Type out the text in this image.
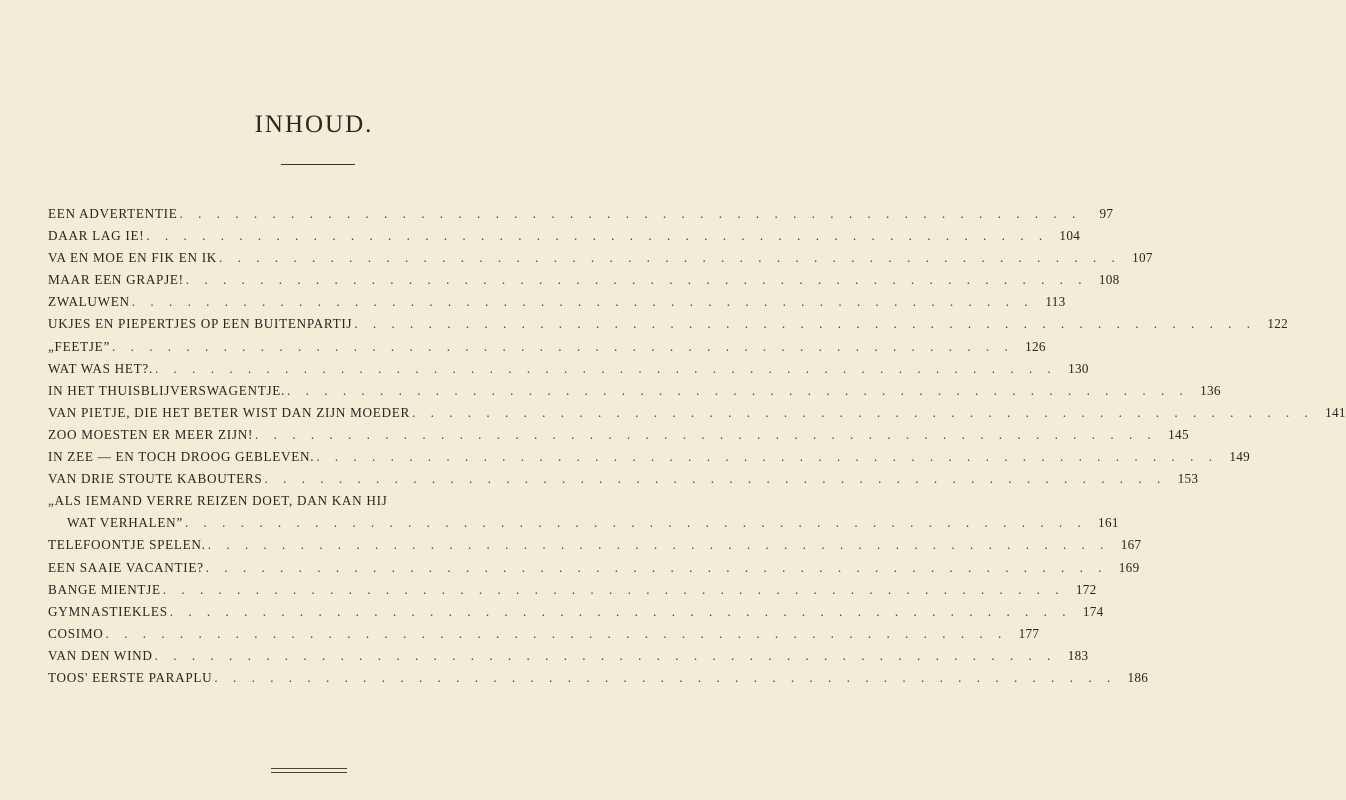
INHOUD.
EEN ADVERTENTIE . . . . . . . . . . . . . . . . . . . . . . . . . . . . . . . . . . . . . . . . . . . . . . . . .	97
DAAR LAG IE! . . . . . . . . . . . . . . . . . . . . . . . . . . . . . . . . . . . . . . . . . . . . . . . . . 104
VA EN MOE EN FIK EN IK . . . . . . . . . . . . . . . . . . . . . . . . . . . . . . . . . . . . . . . . . . . . . . . . . 107
MAAR EEN GRAPJE! . . . . . . . . . . . . . . . . . . . . . . . . . . . . . . . . . . . . . . . . . . . . . . . . . 108
ZWALUWEN . . . . . . . . . . . . . . . . . . . . . . . . . . . . . . . . . . . . . . . . . . . . . . . . . 113
UKJES EN PIEPERTJES OP EEN BUITENPARTIJ . . . . . . . . . . . . . . . . . . . . . . . . . . . . . . . . . . . . . . . . . . . . . . . . . 122
„FEETJE” . . . . . . . . . . . . . . . . . . . . . . . . . . . . . . . . . . . . . . . . . . . . . . . . . 126
WAT WAS HET?. . . . . . . . . . . . . . . . . . . . . . . . . . . . . . . . . . . . . . . . . . . . . . . . . . 130
IN HET THUISBLIJVERSWAGENTJE. . . . . . . . . . . . . . . . . . . . . . . . . . . . . . . . . . . . . . . . . . . . . . . . . . 136
VAN PIETJE, DIE HET BETER WIST DAN ZIJN MOEDER . . . . . . . . . . . . . . . . . . . . . . . . . . . . . . . . . . . . . . . . . . . . . . . . . 141
ZOO MOESTEN ER MEER ZIJN! . . . . . . . . . . . . . . . . . . . . . . . . . . . . . . . . . . . . . . . . . . . . . . . . . 145
IN ZEE — EN TOCH DROOG GEBLEVEN. . . . . . . . . . . . . . . . . . . . . . . . . . . . . . . . . . . . . . . . . . . . . . . . . . 149
VAN DRIE STOUTE KABOUTERS . . . . . . . . . . . . . . . . . . . . . . . . . . . . . . . . . . . . . . . . . . . . . . . . . 153
„ALS IEMAND VERRE REIZEN DOET, DAN KAN HIJ
WAT VERHALEN” . . . . . . . . . . . . . . . . . . . . . . . . . . . . . . . . . . . . . . . . . . . . . . . . . 161
TELEFOONTJE SPELEN. . . . . . . . . . . . . . . . . . . . . . . . . . . . . . . . . . . . . . . . . . . . . . . . . . 167
EEN SAAIE VACANTIE? . . . . . . . . . . . . . . . . . . . . . . . . . . . . . . . . . . . . . . . . . . . . . . . . . 169
BANGE MIENTJE . . . . . . . . . . . . . . . . . . . . . . . . . . . . . . . . . . . . . . . . . . . . . . . . . 172
GYMNASTIEKLES . . . . . . . . . . . . . . . . . . . . . . . . . . . . . . . . . . . . . . . . . . . . . . . . . 174
COSIMO . . . . . . . . . . . . . . . . . . . . . . . . . . . . . . . . . . . . . . . . . . . . . . . . . 177
VAN DEN WIND . . . . . . . . . . . . . . . . . . . . . . . . . . . . . . . . . . . . . . . . . . . . . . . . . 183
TOOS' EERSTE PARAPLU . . . . . . . . . . . . . . . . . . . . . . . . . . . . . . . . . . . . . . . . . . . . . . . . . 186
